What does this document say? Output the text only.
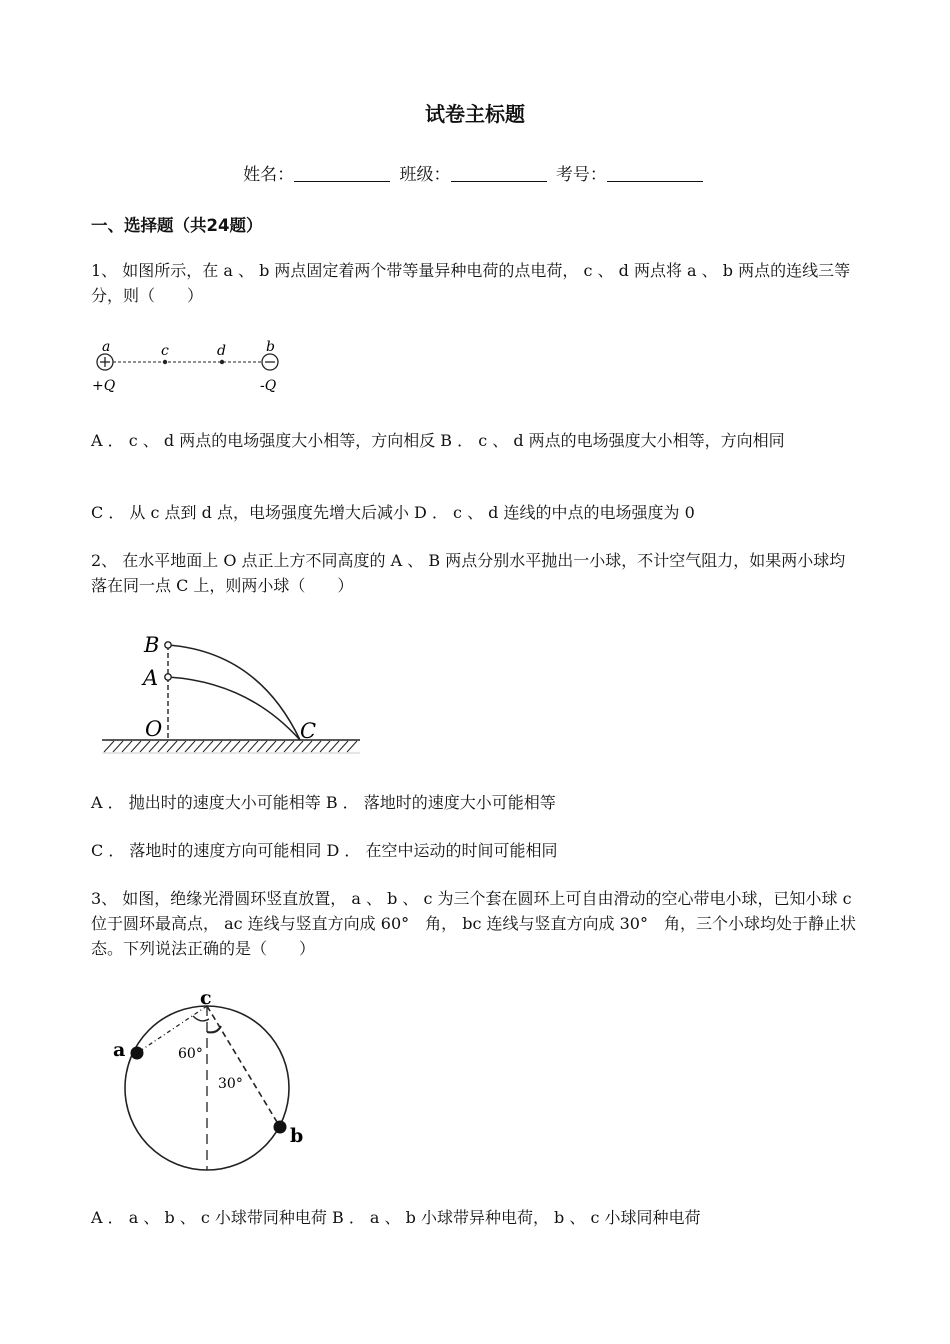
试卷主标题
姓名：	班级：	考号：
一、选择题（共24题）
1、 如图所示，在 a 、 b 两点固定着两个带等量异种电荷的点电荷， c 、 d 两点将 a 、 b 两点的连线三等分，则（　　）
a	c	d	b
+Q	-Q
A ． c 、 d 两点的电场强度大小相等，方向相反 B ． c 、 d 两点的电场强度大小相等，方向相同
C ． 从 c 点到 d 点，电场强度先增大后减小 D ． c 、 d 连线的中点的电场强度为 0
2、 在水平地面上 O 点正上方不同高度的 A 、 B 两点分别水平抛出一小球，不计空气阻力，如果两小球均落在同一点 C 上，则两小球（　　）
B
A
O	C
A ． 抛出时的速度大小可能相等 B ． 落地时的速度大小可能相等
C ． 落地时的速度方向可能相同 D ． 在空中运动的时间可能相同
3、 如图，绝缘光滑圆环竖直放置， a 、 b 、 c 为三个套在圆环上可自由滑动的空心带电小球，已知小球 c 位于圆环最高点， ac 连线与竖直方向成 60°　角， bc 连线与竖直方向成 30°　角，三个小球均处于静止状态。下列说法正确的是（　　）
c
a
b
60°
30°
A ． a 、 b 、 c 小球带同种电荷 B ． a 、 b 小球带异种电荷， b 、 c 小球同种电荷
